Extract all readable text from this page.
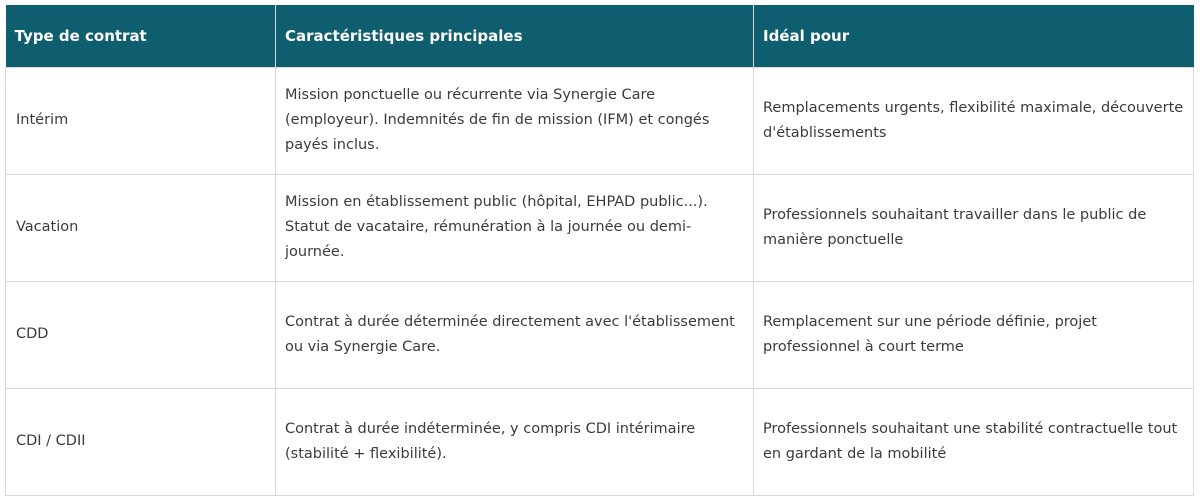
Type de contrat	Caractéristiques principales	Idéal pour
Intérim	Mission ponctuelle ou récurrente via Synergie Care (employeur). Indemnités de fin de mission (IFM) et congés payés inclus.	Remplacements urgents, flexibilité maximale, découverte d'établissements
Vacation	Mission en établissement public (hôpital, EHPAD public...). Statut de vacataire, rémunération à la journée ou demi-journée.	Professionnels souhaitant travailler dans le public de manière ponctuelle
CDD	Contrat à durée déterminée directement avec l'établissement ou via Synergie Care.	Remplacement sur une période définie, projet professionnel à court terme
CDI / CDII	Contrat à durée indéterminée, y compris CDI intérimaire (stabilité + flexibilité).	Professionnels souhaitant une stabilité contractuelle tout en gardant de la mobilité
